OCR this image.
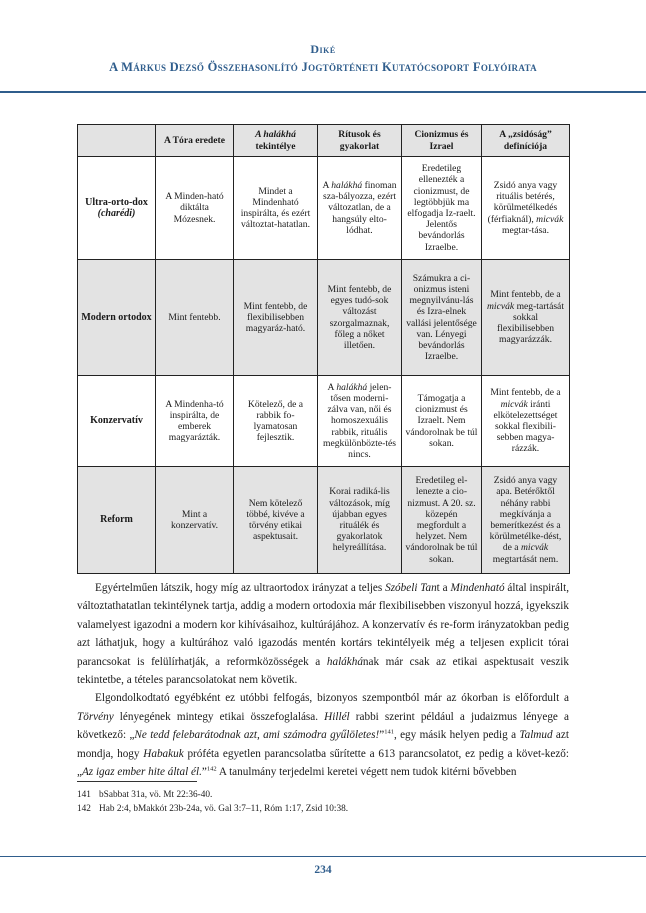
Diké
A Márkus Dezső Összehasonlító Jogtörténeti Kutatócsoport Folyóirata
	A Tóra eredete	A halákhá tekintélye	Rítusok és gyakorlat	Cionizmus és Izrael	A „zsidóság” definíciója
Ultra-orto-dox (charédi)	A Minden-ható diktálta Mózesnek.	Mindet a Mindenható inspirálta, és ezért változtat-hatatlan.	A halákhá finoman sza-bályozza, ezért változatlan, de a hangsúly elto-lódhat.	Eredetileg ellenezték a cionizmust, de legtöbbjük ma elfogadja Iz-raelt. Jelentős bevándorlás Izraelbe.	Zsidó anya vagy rituális betérés, körülmetélkedés (férfiaknál), micvák megtar-tása.
Modern ortodox	Mint fentebb.	Mint fentebb, de flexibilisebben magyaráz-ható.	Mint fentebb, de egyes tudó-sok változást szorgalmaznak, főleg a nőket illetően.	Számukra a ci-onizmus isteni megnyilvánu-lás és Izra-elnek vallási jelentősége van. Lényegi bevándorlás Izraelbe.	Mint fentebb, de a micvák meg-tartását sokkal flexibilisebben magyarázzák.
Konzervatív	A Mindenha-tó inspirálta, de emberek magyarázták.	Kötelező, de a rabbik fo-lyamatosan fejlesztik.	A halákhá jelen-tősen moderni-zálva van, női és homoszexuális rabbik, rituális megkülönbözte-tés nincs.	Támogatja a cionizmust és Izraelt. Nem vándorolnak be túl sokan.	Mint fentebb, de a micvák iránti elkötelezettséget sokkal flexibili-sebben magya-rázzák.
Reform	Mint a konzervatív.	Nem kötelező többé, kivéve a törvény etikai aspektusait.	Korai radiká-lis változások, míg újabban egyes rituálék és gyakorlatok helyreállítása.	Eredetileg el-lenezte a cio-nizmust. A 20. sz. közepén megfordult a helyzet. Nem vándorolnak be túl sokan.	Zsidó anya vagy apa. Betérőktől néhány rabbi megkívánja a bemerítkezést és a körülmetélke-dést, de a micvák megtartását nem.

Egyértelműen látszik, hogy míg az ultraortodox irányzat a teljes Szóbeli Tant a Mindenható által inspirált, változtathatatlan tekintélynek tartja, addig a modern ortodoxia már flexibilisebben viszonyul hozzá, igyekszik valamelyest igazodni a modern kor kihívásaihoz, kultúrájához. A konzervatív és re-form irányzatokban pedig azt láthatjuk, hogy a kultúrához való igazodás mentén kortárs tekintélyeik még a teljesen explicit tórai parancsokat is felülírhatják, a reformközösségek a halákhának már csak az etikai aspektusait veszik tekintetbe, a tételes parancsolatokat nem követik.

Elgondolkodtató egyébként ez utóbbi felfogás, bizonyos szempontból már az ókorban is előfordult a Törvény lényegének mintegy etikai összefoglalása. Hillél rabbi szerint például a judaizmus lényege a következő: „Ne tedd felebarátodnak azt, ami számodra gyűlöletes!”$^{141}$, egy másik helyen pedig a Talmud azt mondja, hogy Habakuk próféta egyetlen parancsolatba sűrítette a 613 parancsolatot, ez pedig a követ-kező: „Az igaz ember hite által él.”$^{142}$ A tanulmány terjedelmi keretei végett nem tudok kitérni bővebben

141 bSabbat 31a, vö. Mt 22:36-40.
142 Hab 2:4, bMakkót 23b-24a, vö. Gal 3:7–11, Róm 1:17, Zsid 10:38.
234
